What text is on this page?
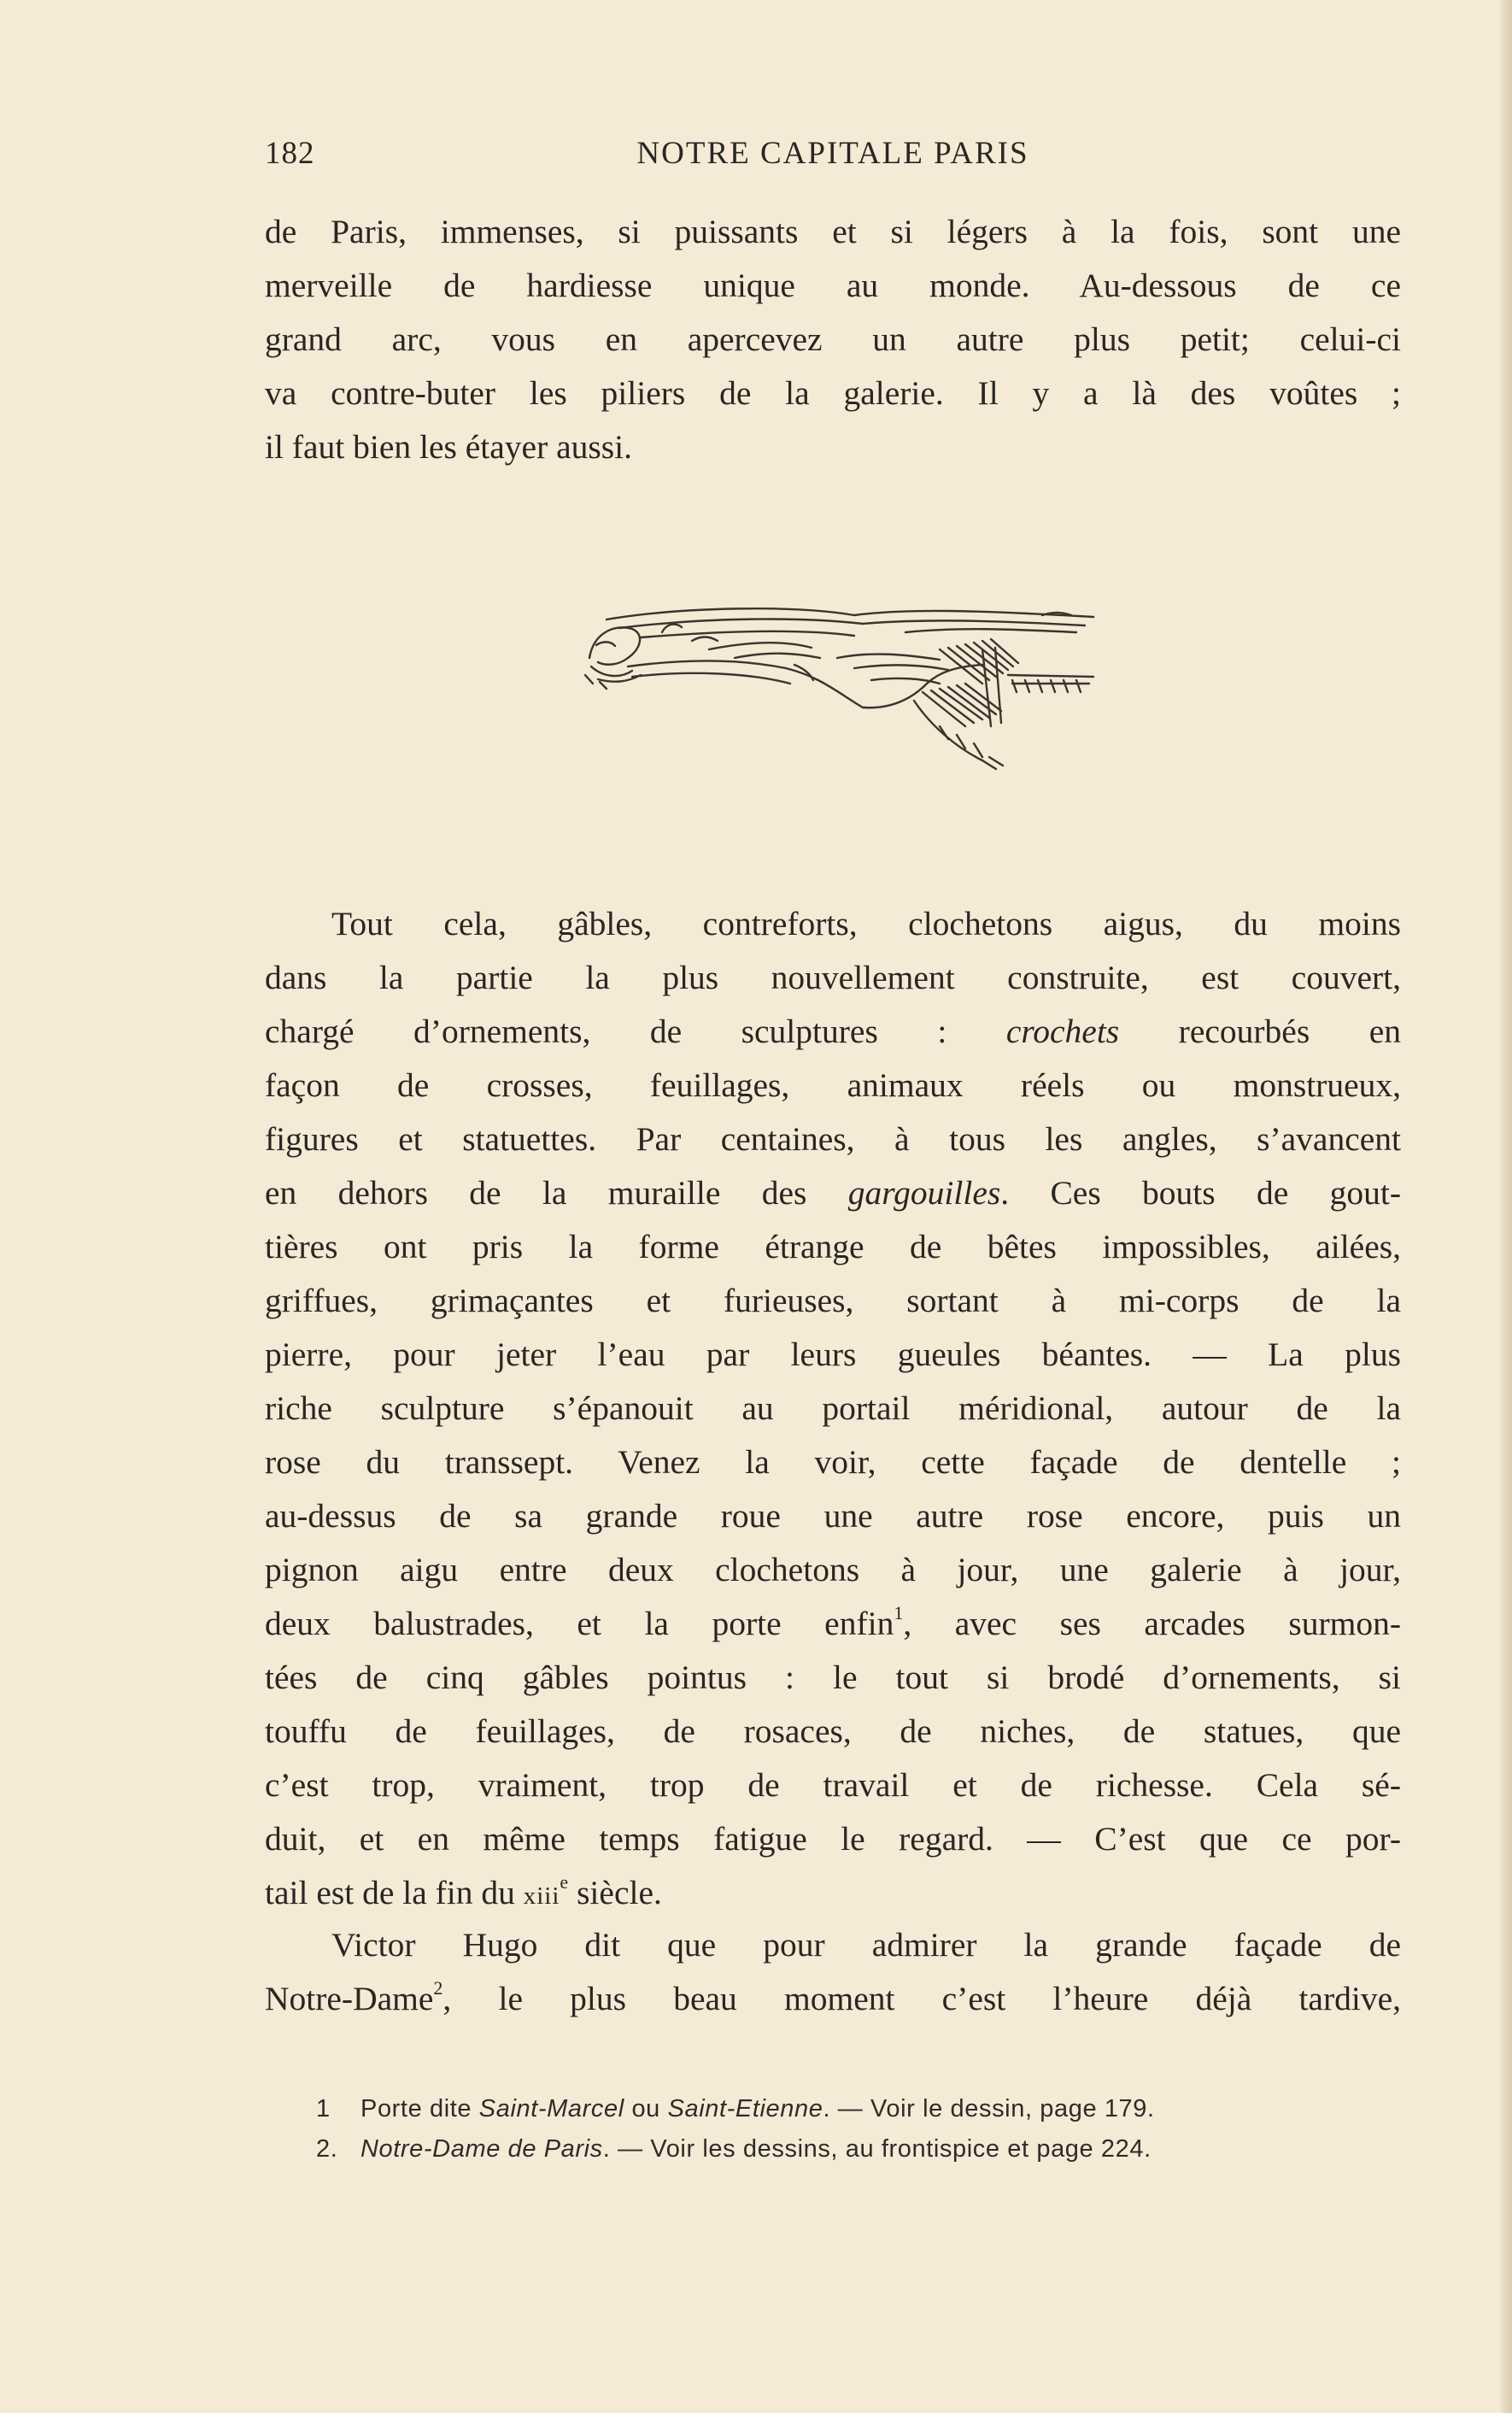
182	NOTRE CAPITALE PARIS
de Paris, immenses, si puissants et si légers à la fois, sont une
merveille de hardiesse unique au monde. Au-dessous de ce
grand arc, vous en apercevez un autre plus petit; celui-ci
va contre-buter les piliers de la galerie. Il y a là des voûtes ;
il faut bien les étayer aussi.
Tout cela, gâbles, contreforts, clochetons aigus, du moins
dans la partie la plus nouvellement construite, est couvert,
chargé d’ornements, de sculptures : crochets recourbés en
façon de crosses, feuillages, animaux réels ou monstrueux,
figures et statuettes. Par centaines, à tous les angles, s’avancent
en dehors de la muraille des gargouilles. Ces bouts de gout-
tières ont pris la forme étrange de bêtes impossibles, ailées,
griffues, grimaçantes et furieuses, sortant à mi-corps de la
pierre, pour jeter l’eau par leurs gueules béantes. — La plus
riche sculpture s’épanouit au portail méridional, autour de la
rose du transsept. Venez la voir, cette façade de dentelle ;
au-dessus de sa grande roue une autre rose encore, puis un
pignon aigu entre deux clochetons à jour, une galerie à jour,
deux balustrades, et la porte enfin$^1$, avec ses arcades surmon-
tées de cinq gâbles pointus : le tout si brodé d’ornements, si
touffu de feuillages, de rosaces, de niches, de statues, que
c’est trop, vraiment, trop de travail et de richesse. Cela sé-
duit, et en même temps fatigue le regard. — C’est que ce por-
tail est de la fin du xiii$^e$ siècle.
Victor Hugo dit que pour admirer la grande façade de
Notre-Dame$^2$, le plus beau moment c’est l’heure déjà tardive,
1 Porte dite Saint-Marcel ou Saint-Etienne. — Voir le dessin, page 179.
2. Notre-Dame de Paris. — Voir les dessins, au frontispice et page 224.
